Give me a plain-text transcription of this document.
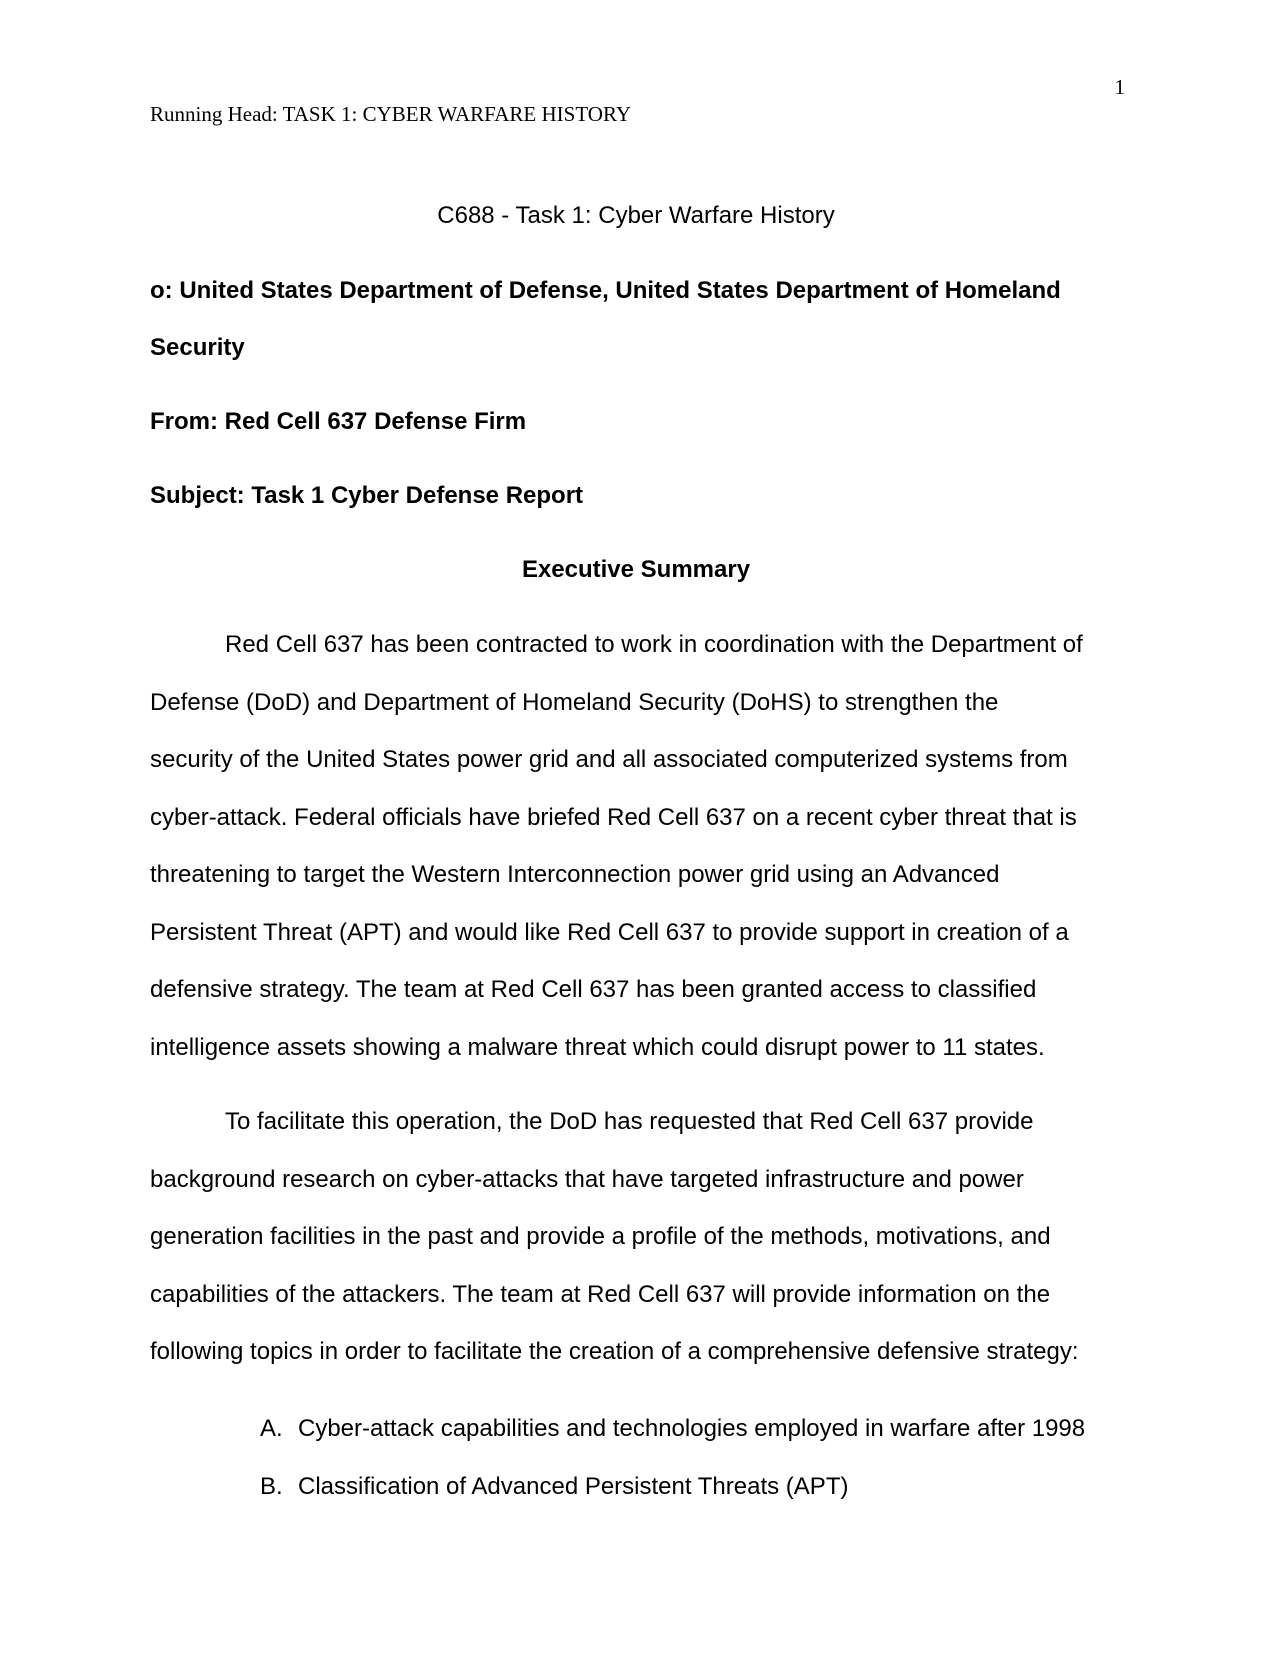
1
Running Head: TASK 1: CYBER WARFARE HISTORY
C688 - Task 1: Cyber Warfare History
o: United States Department of Defense, United States Department of Homeland Security
From: Red Cell 637 Defense Firm
Subject: Task 1 Cyber Defense Report
Executive Summary

Red Cell 637 has been contracted to work in coordination with the Department of
Defense (DoD) and Department of Homeland Security (DoHS) to strengthen the
security of the United States power grid and all associated computerized systems from
cyber-attack. Federal officials have briefed Red Cell 637 on a recent cyber threat that is
threatening to target the Western Interconnection power grid using an Advanced
Persistent Threat (APT) and would like Red Cell 637 to provide support in creation of a
defensive strategy. The team at Red Cell 637 has been granted access to classified
intelligence assets showing a malware threat which could disrupt power to 11 states.

To facilitate this operation, the DoD has requested that Red Cell 637 provide
background research on cyber-attacks that have targeted infrastructure and power
generation facilities in the past and provide a profile of the methods, motivations, and
capabilities of the attackers. The team at Red Cell 637 will provide information on the
following topics in order to facilitate the creation of a comprehensive defensive strategy:

A. Cyber-attack capabilities and technologies employed in warfare after 1998
B. Classification of Advanced Persistent Threats (APT)
